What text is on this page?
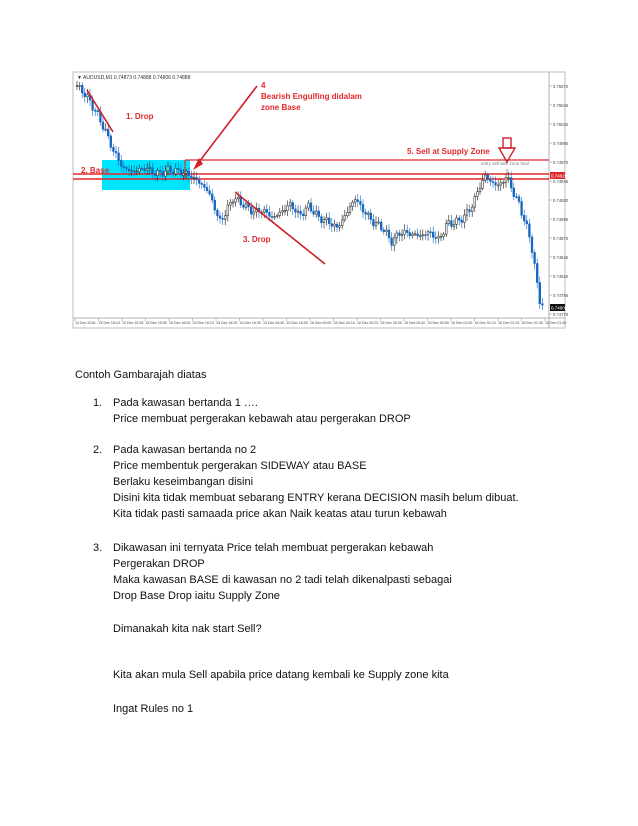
▼ AUDUSD,M1 0.74873 0.74888 0.74806 0.74888
1. Drop
2. Base
3. Drop
4
Bearish Engulfing didalam
zone Base
5. Sell at Supply Zone
entry sell with zone final
0
0.75070
0.75045
0.75020
0.74995
0.74970
0.74945
0.74920
0.74895
0.74870
0.74845
0.74820
0.74795
0.74770
14 Dec 2016 15 Dec 15:19 15 Dec 15:35 15 Dec 15:50 15 Dec 16:00 15 Dec 16:10 15 Dec 16:20 15 Dec 16:30 15 Dec 16:40 15 Dec 16:50 16 Dec 00:00 16 Dec 00:10 16 Dec 00:20 16 Dec 00:30 16 Dec 00:40 16 Dec 00:50 16 Dec 01:00 16 Dec 01:10 16 Dec 01:20 16 Dec 01:30 16 Dec 01:40
0.74920
0.74800
Contoh Gambarajah diatas
1. Pada kawasan bertanda 1 ….
Price membuat pergerakan kebawah atau pergerakan DROP
2. Pada kawasan bertanda no 2
Price membentuk pergerakan SIDEWAY atau BASE
Berlaku keseimbangan disini
Disini kita tidak membuat sebarang ENTRY kerana DECISION masih belum dibuat.
Kita tidak pasti samaada price akan Naik keatas atau turun kebawah
3. Dikawasan ini ternyata Price telah membuat pergerakan kebawah
Pergerakan DROP
Maka kawasan BASE di kawasan no 2 tadi telah dikenalpasti sebagai
Drop Base Drop iaitu Supply Zone
Dimanakah kita nak start Sell?
Kita akan mula Sell apabila price datang kembali ke Supply zone kita
Ingat Rules no 1
